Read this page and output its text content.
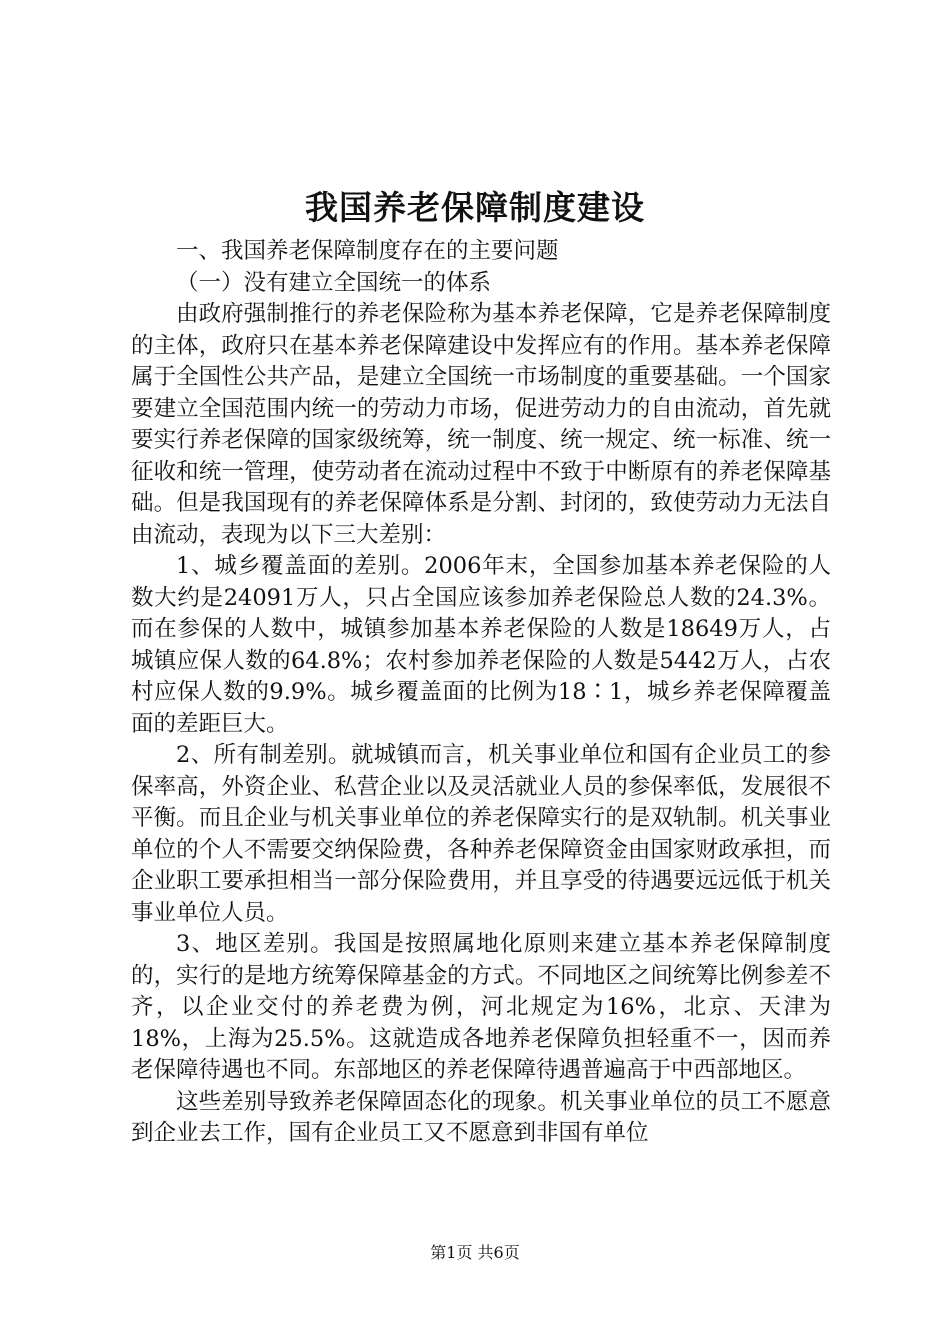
我国养老保障制度建设

一、我国养老保障制度存在的主要问题

（一）没有建立全国统一的体系

由政府强制推行的养老保险称为基本养老保障，它是养老保障制度的主体，政府只在基本养老保障建设中发挥应有的作用。基本养老保障属于全国性公共产品，是建立全国统一市场制度的重要基础。一个国家要建立全国范围内统一的劳动力市场，促进劳动力的自由流动，首先就要实行养老保障的国家级统筹，统一制度、统一规定、统一标准、统一征收和统一管理，使劳动者在流动过程中不致于中断原有的养老保障基础。但是我国现有的养老保障体系是分割、封闭的，致使劳动力无法自由流动，表现为以下三大差别：

1、城乡覆盖面的差别。2006年末，全国参加基本养老保险的人数大约是24091万人，只占全国应该参加养老保险总人数的24.3%。而在参保的人数中，城镇参加基本养老保险的人数是18649万人，占城镇应保人数的64.8%；农村参加养老保险的人数是5442万人，占农村应保人数的9.9%。城乡覆盖面的比例为18∶1，城乡养老保障覆盖面的差距巨大。

2、所有制差别。就城镇而言，机关事业单位和国有企业员工的参保率高，外资企业、私营企业以及灵活就业人员的参保率低，发展很不平衡。而且企业与机关事业单位的养老保障实行的是双轨制。机关事业单位的个人不需要交纳保险费，各种养老保障资金由国家财政承担，而企业职工要承担相当一部分保险费用，并且享受的待遇要远远低于机关事业单位人员。

3、地区差别。我国是按照属地化原则来建立基本养老保障制度的，实行的是地方统筹保障基金的方式。不同地区之间统筹比例参差不齐，以企业交付的养老费为例，河北规定为16%，北京、天津为18%，上海为25.5%。这就造成各地养老保障负担轻重不一，因而养老保障待遇也不同。东部地区的养老保障待遇普遍高于中西部地区。

这些差别导致养老保障固态化的现象。机关事业单位的员工不愿意到企业去工作，国有企业员工又不愿意到非国有单位

第1页 共6页
